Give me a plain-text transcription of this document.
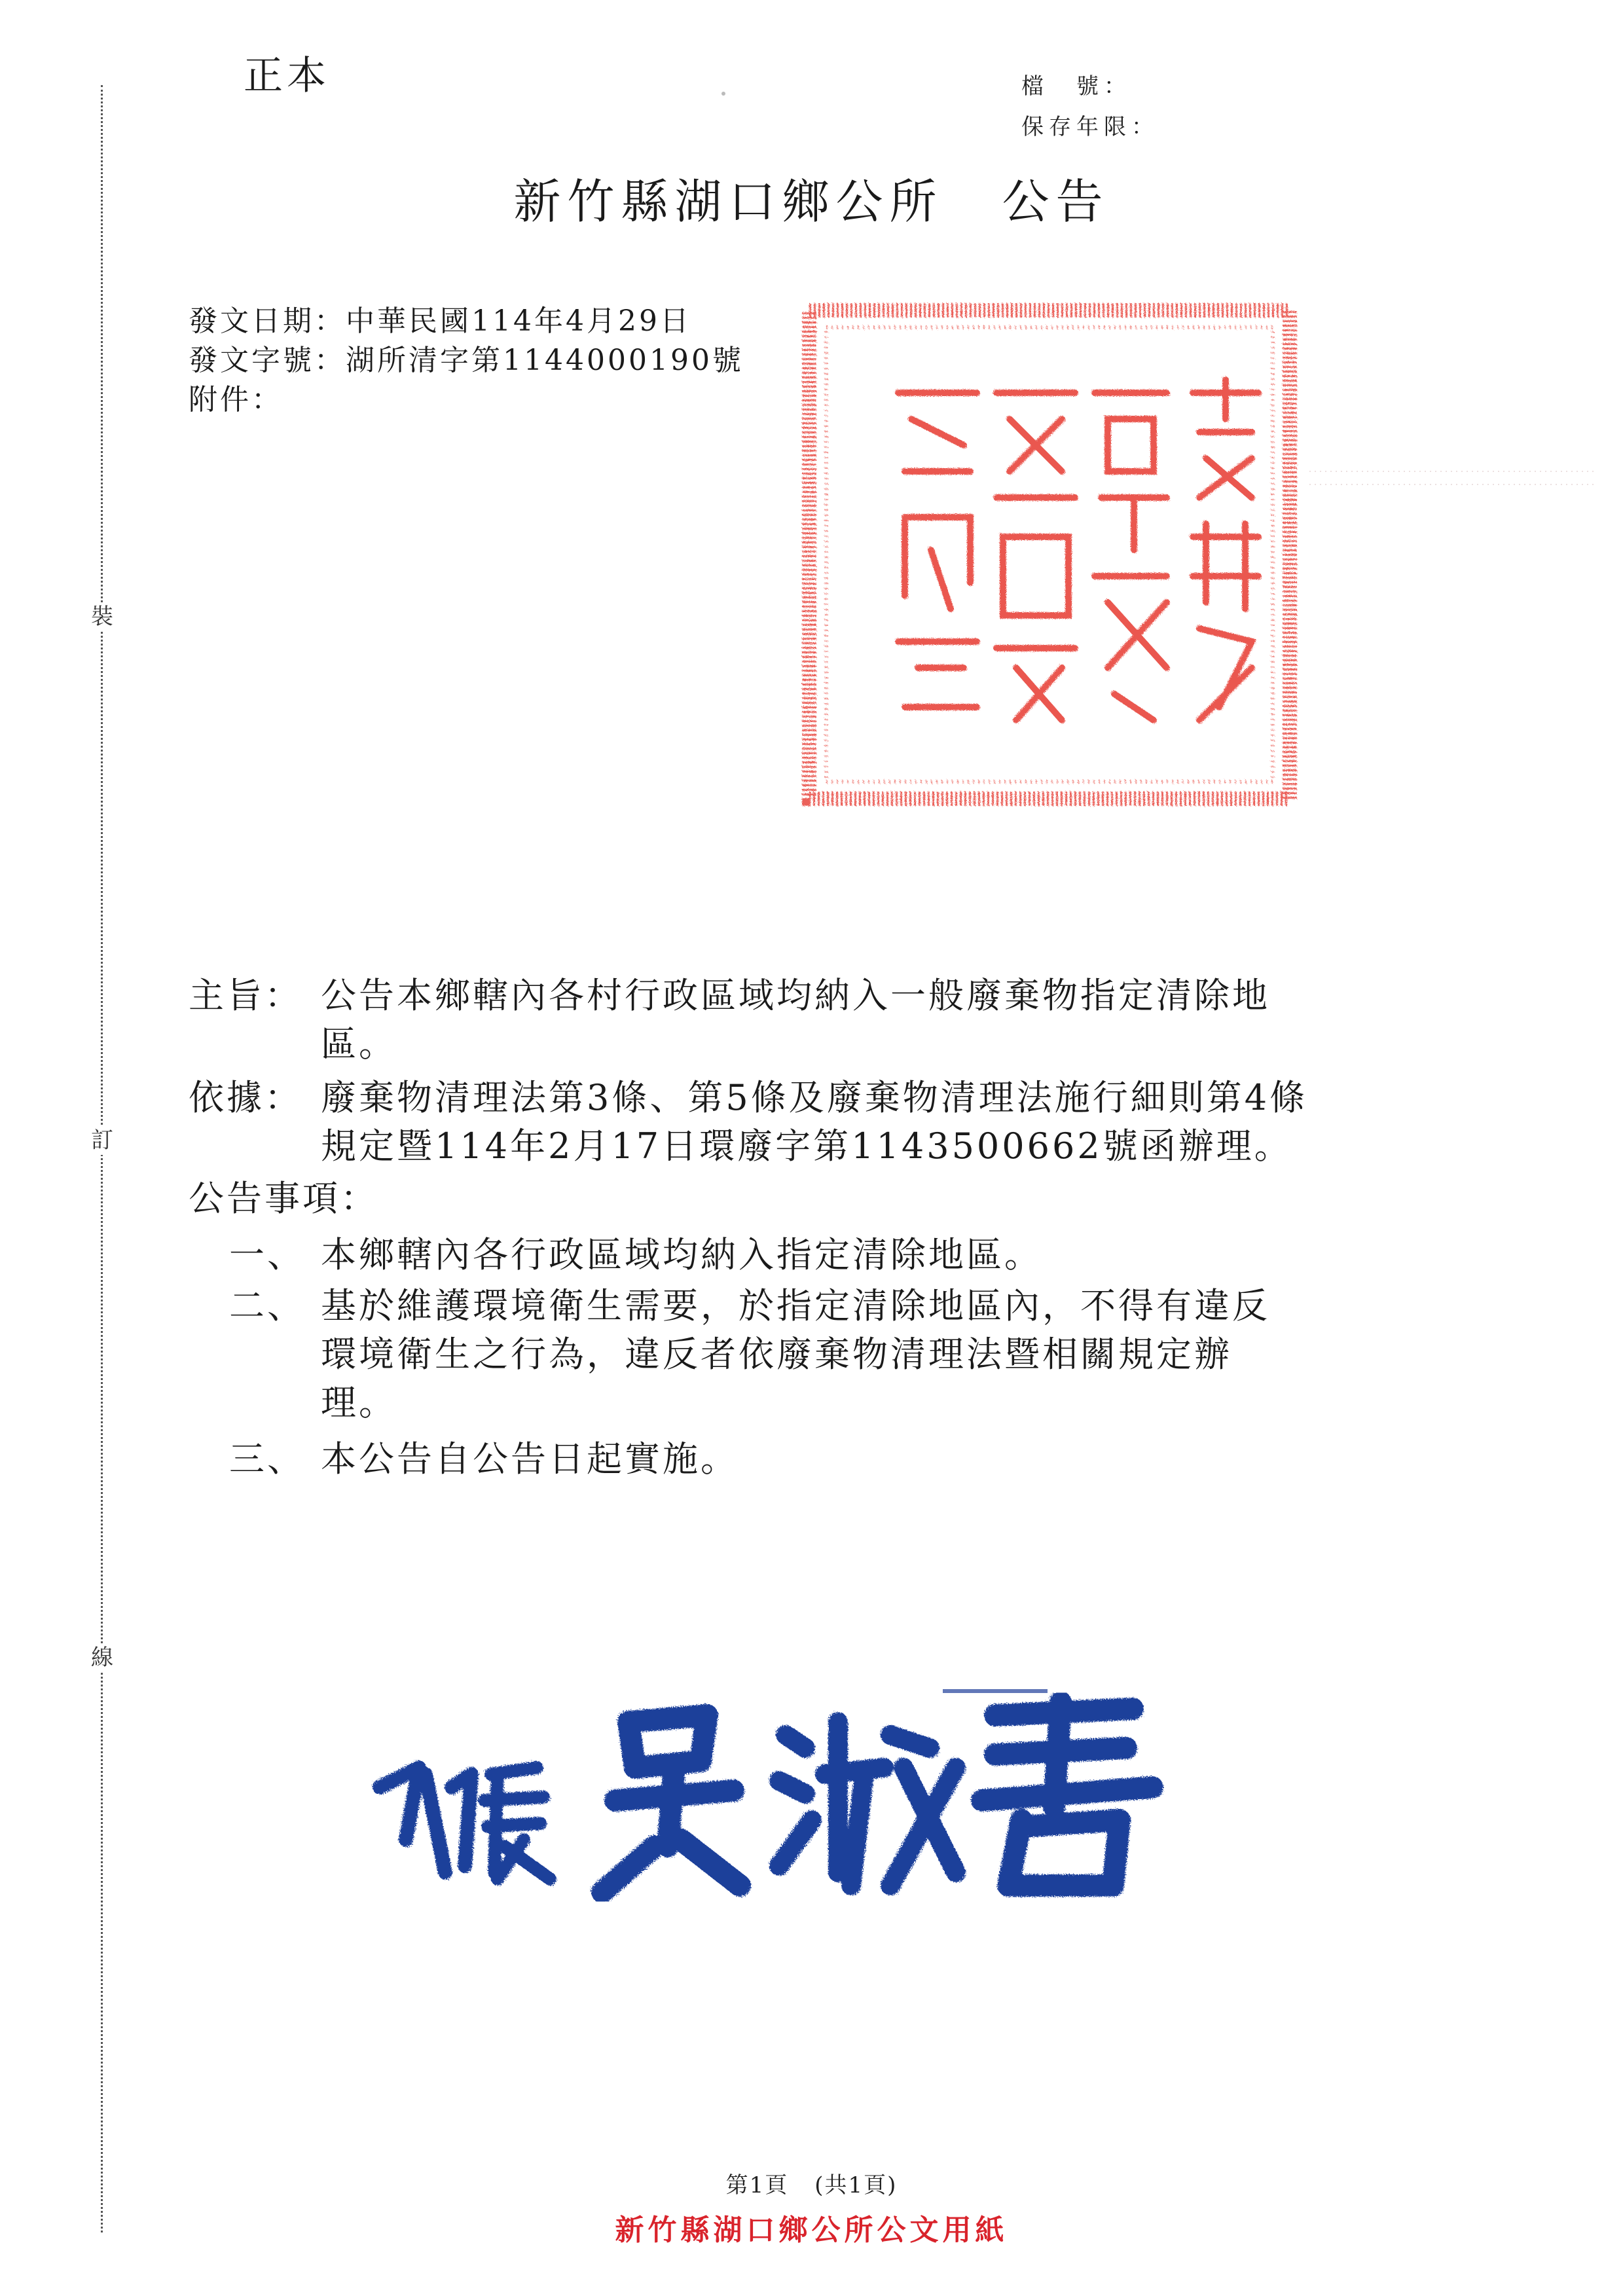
裝
訂
線
正本	檔　號：
保存年限：
新竹縣湖口鄉公所 公告
發文日期：中華民國114年4月29日
發文字號：湖所清字第1144000190號
附件：
主旨： 公告本鄉轄內各村行政區域均納入一般廢棄物指定清除地
區。
依據： 廢棄物清理法第3條、第5條及廢棄物清理法施行細則第4條
規定暨114年2月17日環廢字第1143500662號函辦理。
公告事項：
一、 本鄉轄內各行政區域均納入指定清除地區。
二、 基於維護環境衛生需要，於指定清除地區內，不得有違反
環境衛生之行為，違反者依廢棄物清理法暨相關規定辦
理。
三、 本公告自公告日起實施。
第1頁 (共1頁)
新竹縣湖口鄉公所公文用紙
